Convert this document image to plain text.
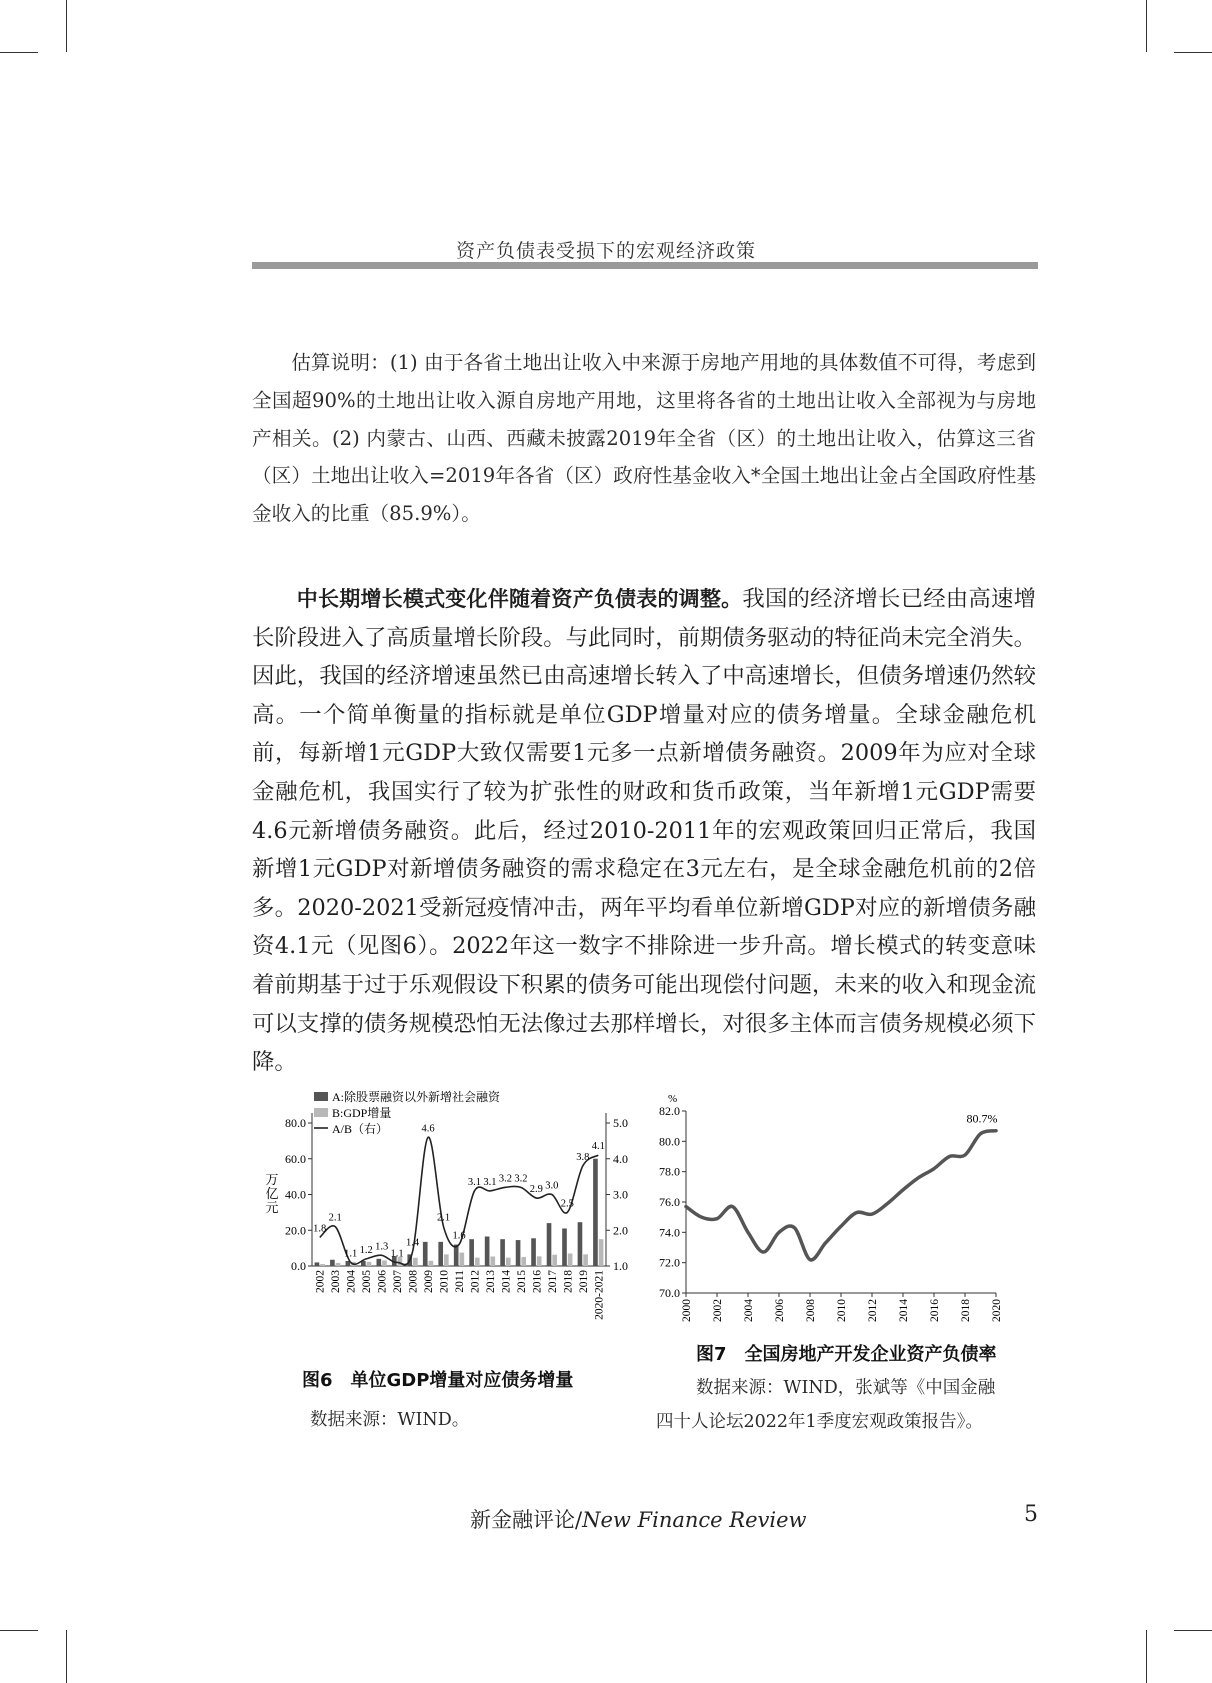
资产负债表受损下的宏观经济政策

估算说明：(1) 由于各省土地出让收入中来源于房地产用地的具体数值不可得，考虑到全国超90%的土地出让收入源自房地产用地，这里将各省的土地出让收入全部视为与房地产相关。(2) 内蒙古、山西、西藏未披露2019年全省（区）的土地出让收入，估算这三省（区）土地出让收入=2019年各省（区）政府性基金收入*全国土地出让金占全国政府性基金收入的比重（85.9%）。

中长期增长模式变化伴随着资产负债表的调整。我国的经济增长已经由高速增长阶段进入了高质量增长阶段。与此同时，前期债务驱动的特征尚未完全消失。因此，我国的经济增速虽然已由高速增长转入了中高速增长，但债务增速仍然较高。一个简单衡量的指标就是单位GDP增量对应的债务增量。全球金融危机前，每新增1元GDP大致仅需要1元多一点新增债务融资。2009年为应对全球金融危机，我国实行了较为扩张性的财政和货币政策，当年新增1元GDP需要4.6元新增债务融资。此后，经过2010-2011年的宏观政策回归正常后，我国新增1元GDP对新增债务融资的需求稳定在3元左右，是全球金融危机前的2倍多。2020-2021受新冠疫情冲击，两年平均看单位新增GDP对应的新增债务融资4.1元（见图6）。2022年这一数字不排除进一步升高。增长模式的转变意味着前期基于过于乐观假设下积累的债务可能出现偿付问题，未来的收入和现金流可以支撑的债务规模恐怕无法像过去那样增长，对很多主体而言债务规模必须下降。

0.0
20.0
40.0
60.0
80.0
1.0
2.0
3.0
4.0
5.0
万
亿
元
1.8
2.1
1.1 1.2 1.3
1.1
1.4
4.6
2.1
1.6
3.1 3.1 3.2 3.2
2.9 3.0
2.5
3.8
4.1
2002 2003 2004 2005 2006 2007 2008 2009 2010 2011 2012 2013 2014 2015 2016 2017 2018 2019 2020-2021
A:除股票融资以外新增社会融资
B:GDP增量
A/B（右）
图6　单位GDP增量对应债务增量
数据来源：WIND。
%
70.0
72.0
74.0
76.0
78.0
80.0
82.0
2000 2002 2004 2006 2008 2010 2012 2014 2016 2018 2020
80.7%
图7　全国房地产开发企业资产负债率
数据来源：WIND，张斌等《中国金融
四十人论坛2022年1季度宏观政策报告》。
新金融评论/New Finance Review	5
